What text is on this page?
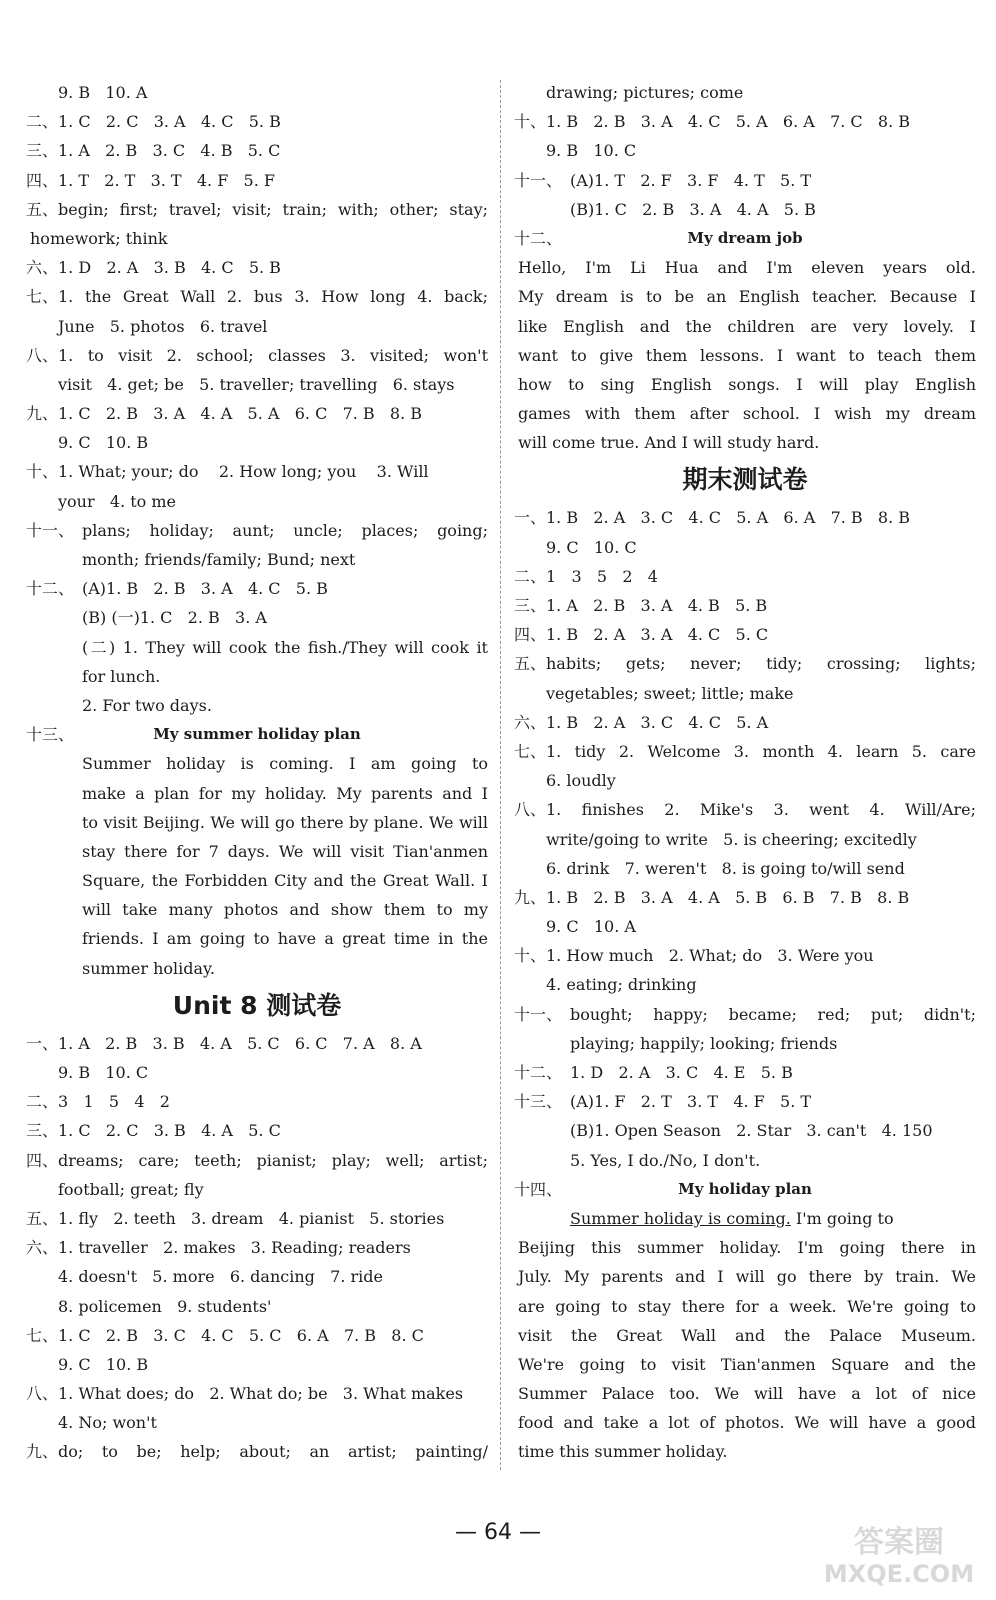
9. B   10. A
二、 1. C   2. C   3. A   4. C   5. B
三、 1. A   2. B   3. C   4. B   5. C
四、 1. T   2. T   3. T   4. F   5. F
五、 begin; first; travel; visit; train; with; other; stay;
homework; think
六、 1. D   2. A   3. B   4. C   5. B
七、 1. the Great Wall 2. bus 3. How long 4. back;
June   5. photos   6. travel
八、 1. to visit 2. school; classes 3. visited; won't
visit   4. get; be   5. traveller; travelling   6. stays
九、 1. C   2. B   3. A   4. A   5. A   6. C   7. B   8. B
9. C   10. B
十、 1. What; your; do    2. How long; you    3. Will
your   4. to me
十一、 plans; holiday; aunt; uncle; places; going;
month; friends/family; Bund; next
十二、 (A)1. B   2. B   3. A   4. C   5. B
(B) (一)1. C   2. B   3. A
(二) 1. They will cook the fish./They will cook it
for lunch.
2. For two days.
十三、	My summer holiday plan
Summer holiday is coming. I am going to
make a plan for my holiday. My parents and I
to visit Beijing. We will go there by plane. We will
stay there for 7 days. We will visit Tian'anmen
Square, the Forbidden City and the Great Wall. I
will take many photos and show them to my
friends. I am going to have a great time in the
summer holiday.
Unit 8 测试卷
一、 1. A   2. B   3. B   4. A   5. C   6. C   7. A   8. A
9. B   10. C
二、 3   1   5   4   2
三、 1. C   2. C   3. B   4. A   5. C
四、 dreams; care; teeth; pianist; play; well; artist;
football; great; fly
五、 1. fly   2. teeth   3. dream   4. pianist   5. stories
六、 1. traveller   2. makes   3. Reading; readers
4. doesn't   5. more   6. dancing   7. ride
8. policemen   9. students'
七、 1. C   2. B   3. C   4. C   5. C   6. A   7. B   8. C
9. C   10. B
八、 1. What does; do   2. What do; be   3. What makes
4. No; won't
九、 do; to be; help; about; an artist; painting/
drawing; pictures; come
十、 1. B   2. B   3. A   4. C   5. A   6. A   7. C   8. B
9. B   10. C
十一、 (A)1. T   2. F   3. F   4. T   5. T
(B)1. C   2. B   3. A   4. A   5. B
十二、	My dream job
Hello, I'm Li Hua and I'm eleven years old.
My dream is to be an English teacher. Because I
like English and the children are very lovely. I
want to give them lessons. I want to teach them
how to sing English songs. I will play English
games with them after school. I wish my dream
will come true. And I will study hard.
期末测试卷
一、 1. B   2. A   3. C   4. C   5. A   6. A   7. B   8. B
9. C   10. C
二、 1   3   5   2   4
三、 1. A   2. B   3. A   4. B   5. B
四、 1. B   2. A   3. A   4. C   5. C
五、 habits; gets; never; tidy; crossing; lights;
vegetables; sweet; little; make
六、 1. B   2. A   3. C   4. C   5. A
七、 1. tidy 2. Welcome 3. month 4. learn 5. care
6. loudly
八、 1. finishes 2. Mike's 3. went 4. Will/Are;
write/going to write   5. is cheering; excitedly
6. drink   7. weren't   8. is going to/will send
九、 1. B   2. B   3. A   4. A   5. B   6. B   7. B   8. B
9. C   10. A
十、 1. How much   2. What; do   3. Were you
4. eating; drinking
十一、 bought; happy; became; red; put; didn't;
playing; happily; looking; friends
十二、 1. D   2. A   3. C   4. E   5. B
十三、 (A)1. F   2. T   3. T   4. F   5. T
(B)1. Open Season   2. Star   3. can't   4. 150
5. Yes, I do./No, I don't.
十四、	My holiday plan
Summer holiday is coming. I'm going to
Beijing this summer holiday. I'm going there in
July. My parents and I will go there by train. We
are going to stay there for a week. We're going to
visit the Great Wall and the Palace Museum.
We're going to visit Tian'anmen Square and the
Summer Palace too. We will have a lot of nice
food and take a lot of photos. We will have a good
time this summer holiday.
— 64 —	答案圈
MXQE.COM
